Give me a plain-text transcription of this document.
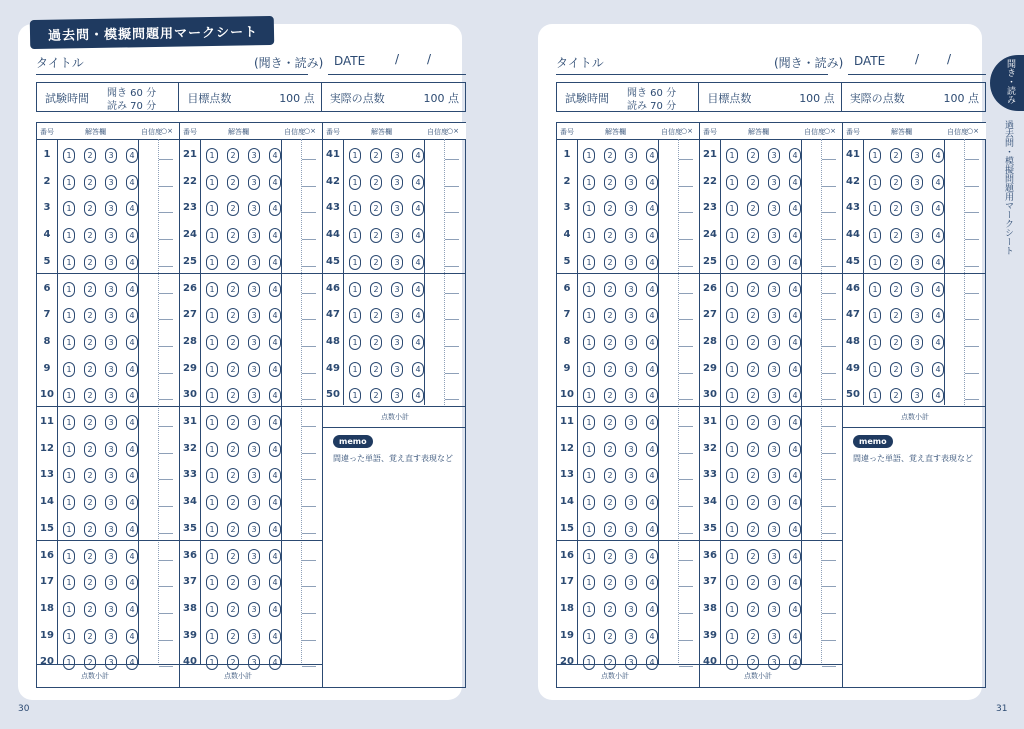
タイトル	(聞き・読み) DATE / /
試験時間 聞き 60 分
読み 70 分
目標点数	100 点 実際の点数	100 点
番号	解答欄	自信度 ○×
1	1	2	3	4
2	1	2	3	4
3	1	2	3	4
4	1	2	3	4
5	1	2	3	4
6	1	2	3	4
7	1	2	3	4
8	1	2	3	4
9	1	2	3	4
10	1	2	3	4
11	1	2	3	4
12	1	2	3	4
13	1	2	3	4
14	1	2	3	4
15	1	2	3	4
16	1	2	3	4
17	1	2	3	4
18	1	2	3	4
19	1	2	3	4
20	1	2	3	4
点数小計
番号	解答欄	自信度 ○×
21	1	2	3	4
22	1	2	3	4
23	1	2	3	4
24	1	2	3	4
25	1	2	3	4
26	1	2	3	4
27	1	2	3	4
28	1	2	3	4
29	1	2	3	4
30	1	2	3	4
31	1	2	3	4
32	1	2	3	4
33	1	2	3	4
34	1	2	3	4
35	1	2	3	4
36	1	2	3	4
37	1	2	3	4
38	1	2	3	4
39	1	2	3	4
40	1	2	3	4
点数小計
番号	解答欄	自信度 ○×
41	1	2	3	4
42	1	2	3	4
43	1	2	3	4
44	1	2	3	4
45	1	2	3	4
46	1	2	3	4
47	1	2	3	4
48	1	2	3	4
49	1	2	3	4
50	1	2	3	4
点数小計
memo
間違った単語、覚え直す表現など
過去問・模擬問題用マークシート
タイトル	(聞き・読み) DATE / /
試験時間 聞き 60 分
読み 70 分
目標点数	100 点 実際の点数	100 点
番号	解答欄	自信度 ○×
1	1	2	3	4
2	1	2	3	4
3	1	2	3	4
4	1	2	3	4
5	1	2	3	4
6	1	2	3	4
7	1	2	3	4
8	1	2	3	4
9	1	2	3	4
10	1	2	3	4
11	1	2	3	4
12	1	2	3	4
13	1	2	3	4
14	1	2	3	4
15	1	2	3	4
16	1	2	3	4
17	1	2	3	4
18	1	2	3	4
19	1	2	3	4
20	1	2	3	4
点数小計
番号	解答欄	自信度 ○×
21	1	2	3	4
22	1	2	3	4
23	1	2	3	4
24	1	2	3	4
25	1	2	3	4
26	1	2	3	4
27	1	2	3	4
28	1	2	3	4
29	1	2	3	4
30	1	2	3	4
31	1	2	3	4
32	1	2	3	4
33	1	2	3	4
34	1	2	3	4
35	1	2	3	4
36	1	2	3	4
37	1	2	3	4
38	1	2	3	4
39	1	2	3	4
40	1	2	3	4
点数小計
番号	解答欄	自信度 ○×
41	1	2	3	4
42	1	2	3	4
43	1	2	3	4
44	1	2	3	4
45	1	2	3	4
46	1	2	3	4
47	1	2	3	4
48	1	2	3	4
49	1	2	3	4
50	1	2	3	4
点数小計
memo
間違った単語、覚え直す表現など
聞き・読み
過去問・模擬問題用マークシート
30	31
